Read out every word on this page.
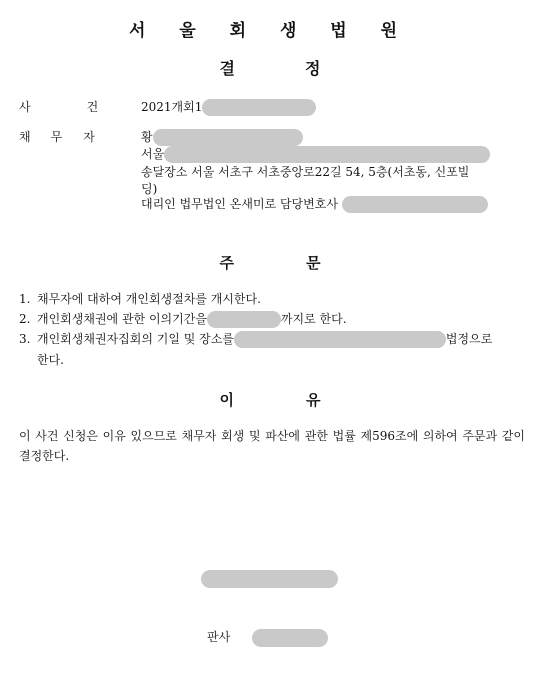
서 울 회 생 법 원
결	정
사	건	2021개회1
채 무 자	황
서울
송달장소 서울 서초구 서초중앙로22길 54, 5층(서초동, 신포빌
딩)
대리인 법무법인 온새미로 담당변호사
주	문
1. 채무자에 대하여 개인회생절차를 개시한다.
2. 개인회생채권에 관한 이의기간을	까지로 한다.
3. 개인회생채권자집회의 기일 및 장소를	법정으로
한다.
이	유
이 사건 신청은 이유 있으므로 채무자 회생 및 파산에 관한 법률 제596조에 의하여 주문과 같이 결정한다.
판사
